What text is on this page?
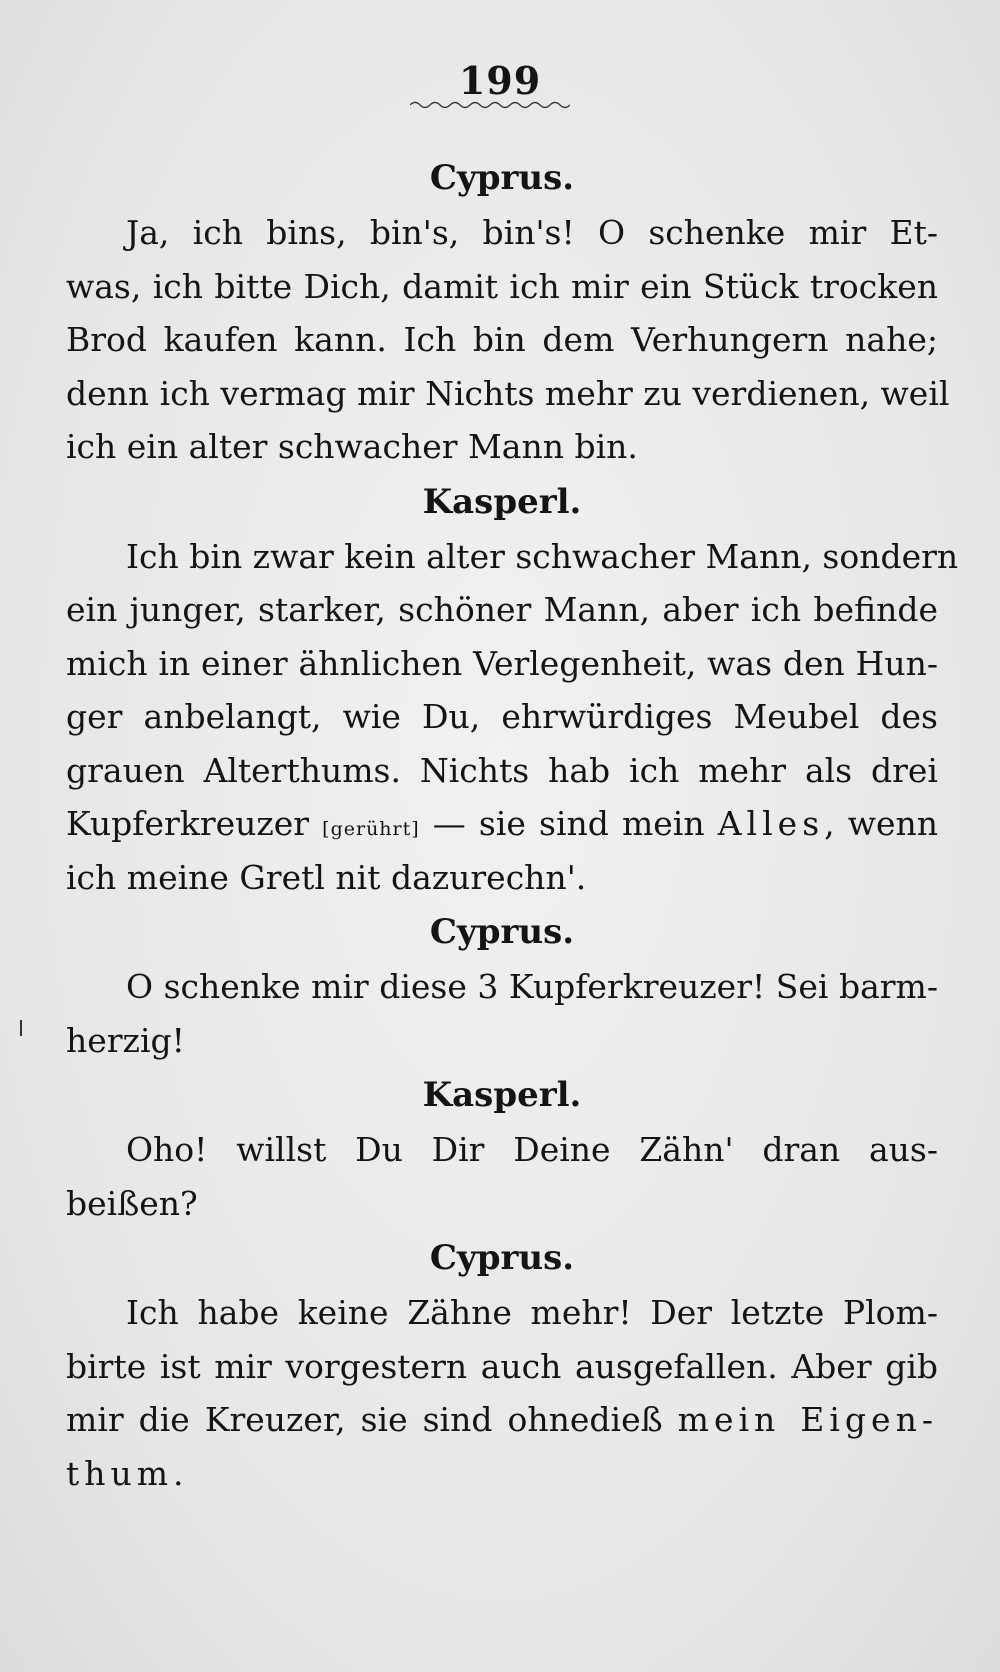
199
Cyprus.
Ja, ich bins, bin's, bin's! O schenke mir Et-
was, ich bitte Dich, damit ich mir ein Stück trocken
Brod kaufen kann. Ich bin dem Verhungern nahe;
denn ich vermag mir Nichts mehr zu verdienen, weil
ich ein alter schwacher Mann bin.
Kasperl.
Ich bin zwar kein alter schwacher Mann, sondern
ein junger, starker, schöner Mann, aber ich befinde
mich in einer ähnlichen Verlegenheit, was den Hun-
ger anbelangt, wie Du, ehrwürdiges Meubel des
grauen Alterthums. Nichts hab ich mehr als drei
Kupferkreuzer [gerührt] — sie sind mein Alles, wenn
ich meine Gretl nit dazurechn'.
Cyprus.
O schenke mir diese 3 Kupferkreuzer! Sei barm-
herzig!
Kasperl.
Oho! willst Du Dir Deine Zähn' dran aus-
beißen?
Cyprus.
Ich habe keine Zähne mehr! Der letzte Plom-
birte ist mir vorgestern auch ausgefallen. Aber gib
mir die Kreuzer, sie sind ohnedieß mein Eigen-
thum.
